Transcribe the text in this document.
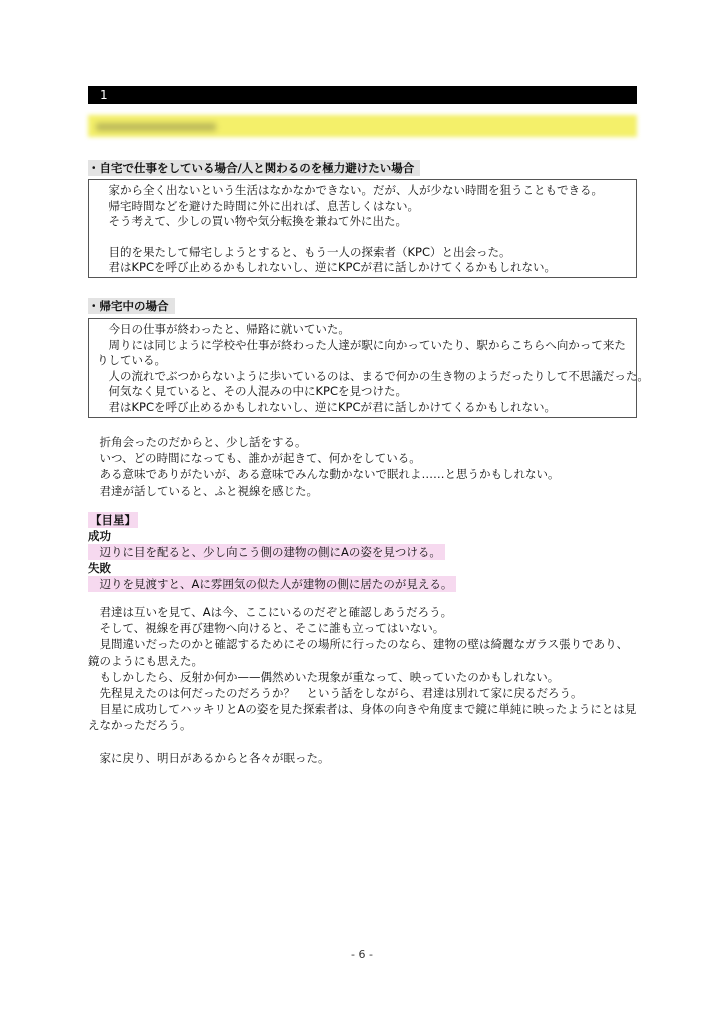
1
・自宅で仕事をしている場合/人と関わるのを極力避けたい場合
家から全く出ないという生活はなかなかできない。だが、人が少ない時間を狙うこともできる。
帰宅時間などを避けた時間に外に出れば、息苦しくはない。
そう考えて、少しの買い物や気分転換を兼ねて外に出た。
目的を果たして帰宅しようとすると、もう一人の探索者（KPC）と出会った。
君はKPCを呼び止めるかもしれないし、逆にKPCが君に話しかけてくるかもしれない。
・帰宅中の場合
今日の仕事が終わったと、帰路に就いていた。
周りには同じように学校や仕事が終わった人達が駅に向かっていたり、駅からこちらへ向かって来たりしている。
人の流れでぶつからないように歩いているのは、まるで何かの生き物のようだったりして不思議だった。
何気なく見ていると、その人混みの中にKPCを見つけた。
君はKPCを呼び止めるかもしれないし、逆にKPCが君に話しかけてくるかもしれない。
折角会ったのだからと、少し話をする。
いつ、どの時間になっても、誰かが起きて、何かをしている。
ある意味でありがたいが、ある意味でみんな動かないで眠れよ……と思うかもしれない。
君達が話していると、ふと視線を感じた。
【目星】
成功
辺りに目を配ると、少し向こう側の建物の側にAの姿を見つける。
失敗
辺りを見渡すと、Aに雰囲気の似た人が建物の側に居たのが見える。
君達は互いを見て、Aは今、ここにいるのだぞと確認しあうだろう。
そして、視線を再び建物へ向けると、そこに誰も立ってはいない。
見間違いだったのかと確認するためにその場所に行ったのなら、建物の壁は綺麗なガラス張りであり、鏡のようにも思えた。
もしかしたら、反射か何か——偶然めいた現象が重なって、映っていたのかもしれない。
先程見えたのは何だったのだろうか？　という話をしながら、君達は別れて家に戻るだろう。
目星に成功してハッキリとAの姿を見た探索者は、身体の向きや角度まで鏡に単純に映ったようにとは見えなかっただろう。
家に戻り、明日があるからと各々が眠った。
- 6 -
